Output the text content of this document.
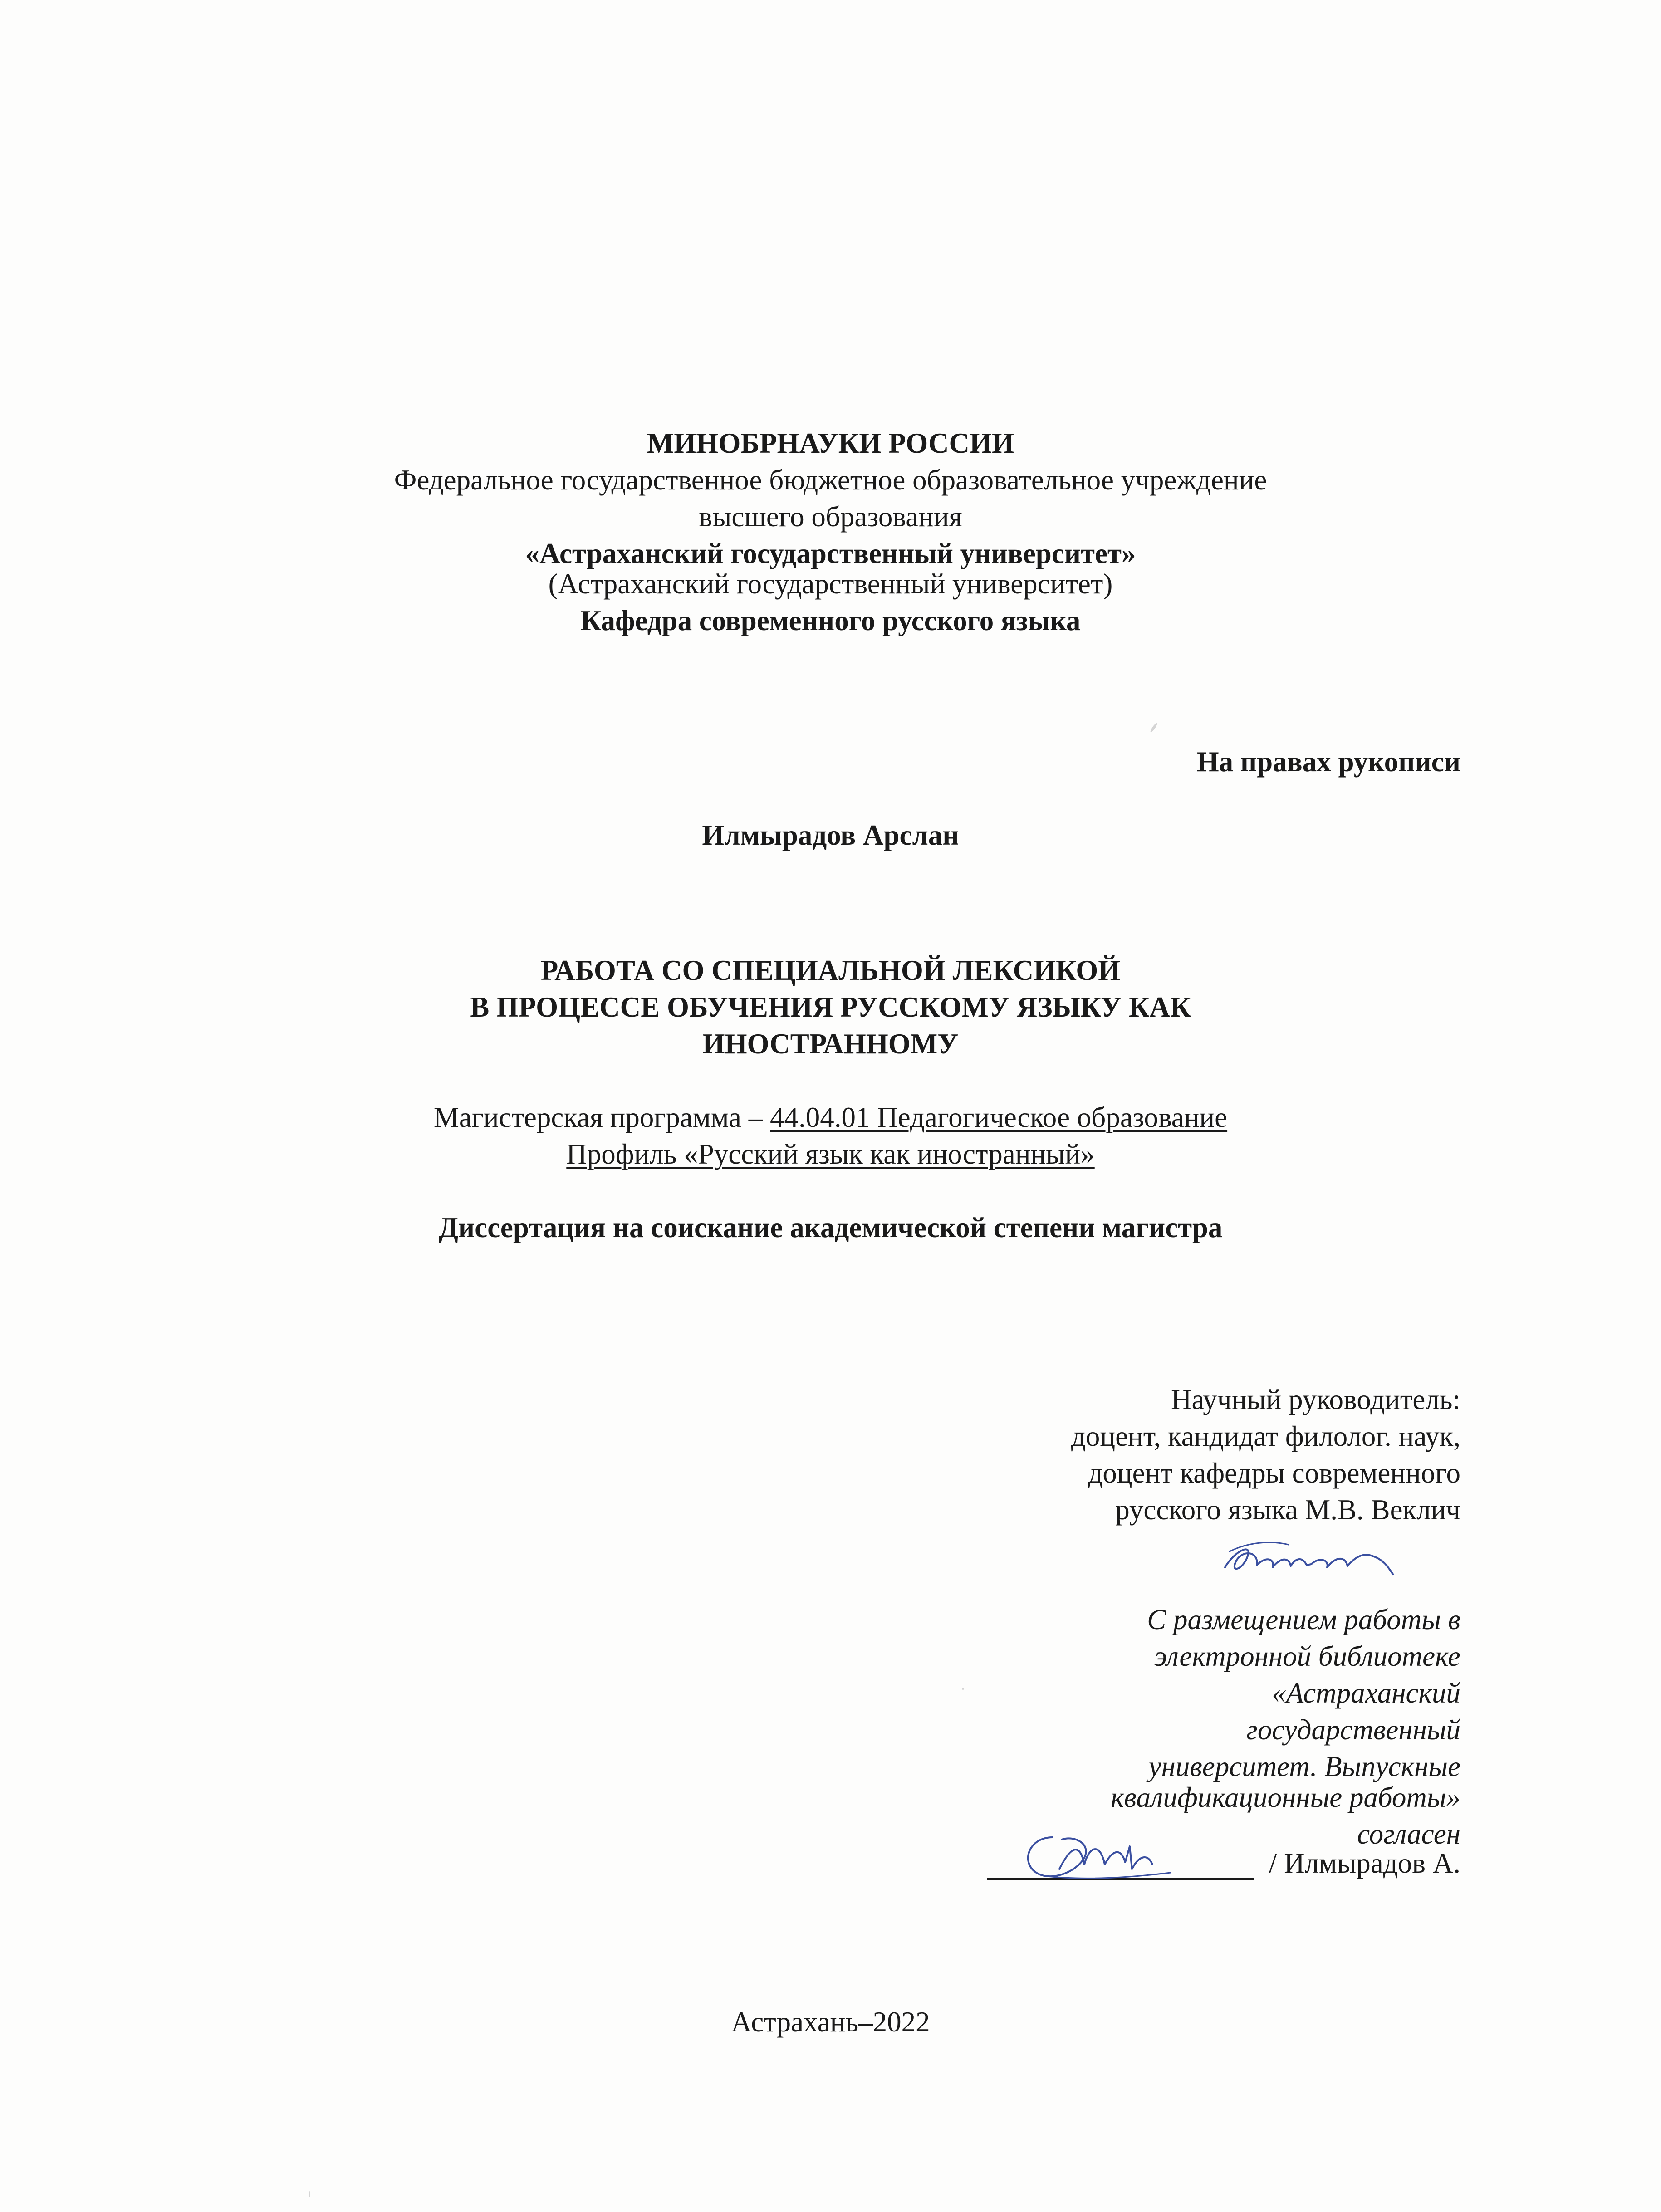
МИНОБРНАУКИ РОССИИ
Федеральное государственное бюджетное образовательное учреждение
высшего образования
«Астраханский государственный университет»
(Астраханский государственный университет)
Кафедра современного русского языка
На правах рукописи
Илмырадов Арслан
РАБОТА СО СПЕЦИАЛЬНОЙ ЛЕКСИКОЙ
В ПРОЦЕССЕ ОБУЧЕНИЯ РУССКОМУ ЯЗЫКУ КАК
ИНОСТРАННОМУ
Магистерская программа – 44.04.01 Педагогическое образование
Профиль «Русский язык как иностранный»
Диссертация на соискание академической степени магистра
Научный руководитель:
доцент, кандидат филолог. наук,
доцент кафедры современного
русского языка М.В. Веклич
С размещением работы в
электронной библиотеке
«Астраханский
государственный
университет. Выпускные
квалификационные работы»
согласен
/ Илмырадов А.
Астрахань–2022
